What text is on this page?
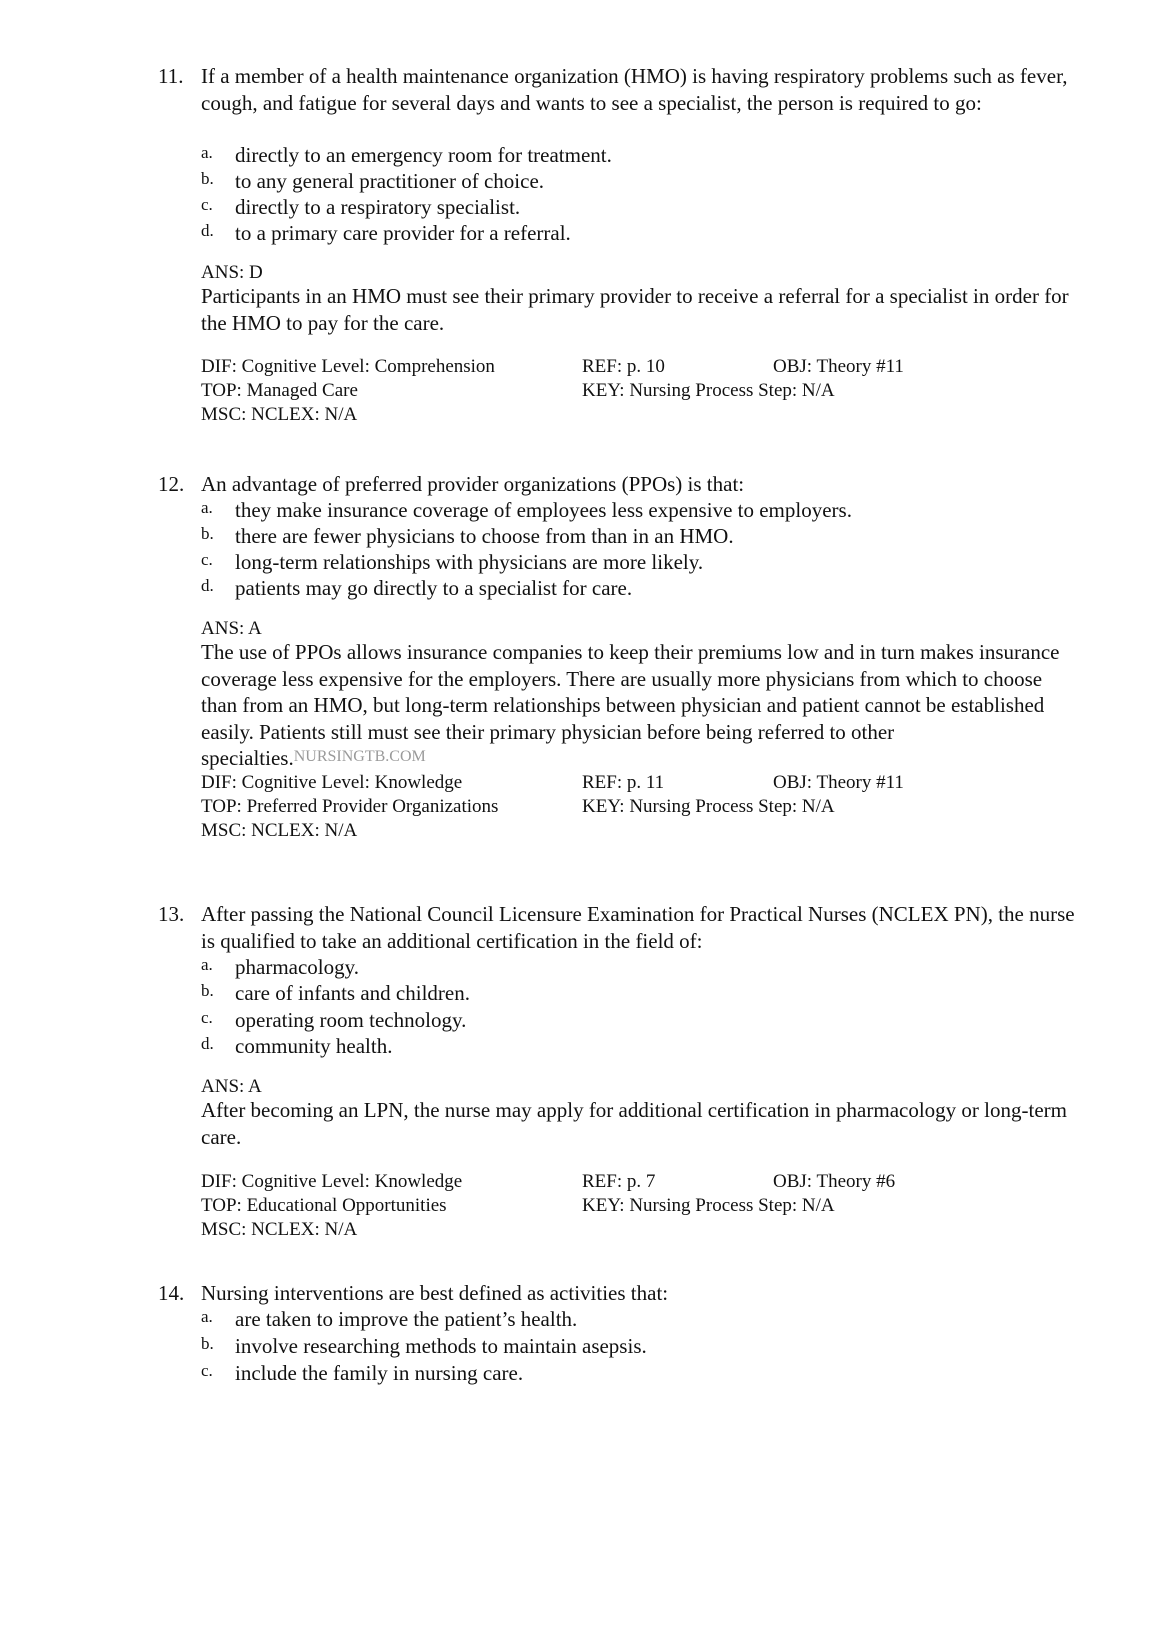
11. If a member of a health maintenance organization (HMO) is having respiratory problems such as fever, cough, and fatigue for several days and wants to see a specialist, the person is required to go:
a. directly to an emergency room for treatment.
b. to any general practitioner of choice.
c. directly to a respiratory specialist.
d. to a primary care provider for a referral.
ANS: D
Participants in an HMO must see their primary provider to receive a referral for a specialist in order for the HMO to pay for the care.
DIF: Cognitive Level: Comprehension	REF: p. 10	OBJ: Theory #11
TOP: Managed Care	KEY: Nursing Process Step: N/A
MSC: NCLEX: N/A
12. An advantage of preferred provider organizations (PPOs) is that:
a. they make insurance coverage of employees less expensive to employers.
b. there are fewer physicians to choose from than in an HMO.
c. long-term relationships with physicians are more likely.
d. patients may go directly to a specialist for care.
ANS: A
The use of PPOs allows insurance companies to keep their premiums low and in turn makes insurance coverage less expensive for the employers. There are usually more physicians from which to choose than from an HMO, but long-term relationships between physician and patient cannot be established easily. Patients still must see their primary physician before being referred to other specialties.NURSINGTB.COM
DIF: Cognitive Level: Knowledge	REF: p. 11	OBJ: Theory #11
TOP: Preferred Provider Organizations	KEY: Nursing Process Step: N/A
MSC: NCLEX: N/A
13. After passing the National Council Licensure Examination for Practical Nurses (NCLEX PN), the nurse is qualified to take an additional certification in the field of:
a. pharmacology.
b. care of infants and children.
c. operating room technology.
d. community health.
ANS: A
After becoming an LPN, the nurse may apply for additional certification in pharmacology or long-term care.
DIF: Cognitive Level: Knowledge	REF: p. 7	OBJ: Theory #6
TOP: Educational Opportunities	KEY: Nursing Process Step: N/A
MSC: NCLEX: N/A
14. Nursing interventions are best defined as activities that:
a. are taken to improve the patient’s health.
b. involve researching methods to maintain asepsis.
c. include the family in nursing care.
